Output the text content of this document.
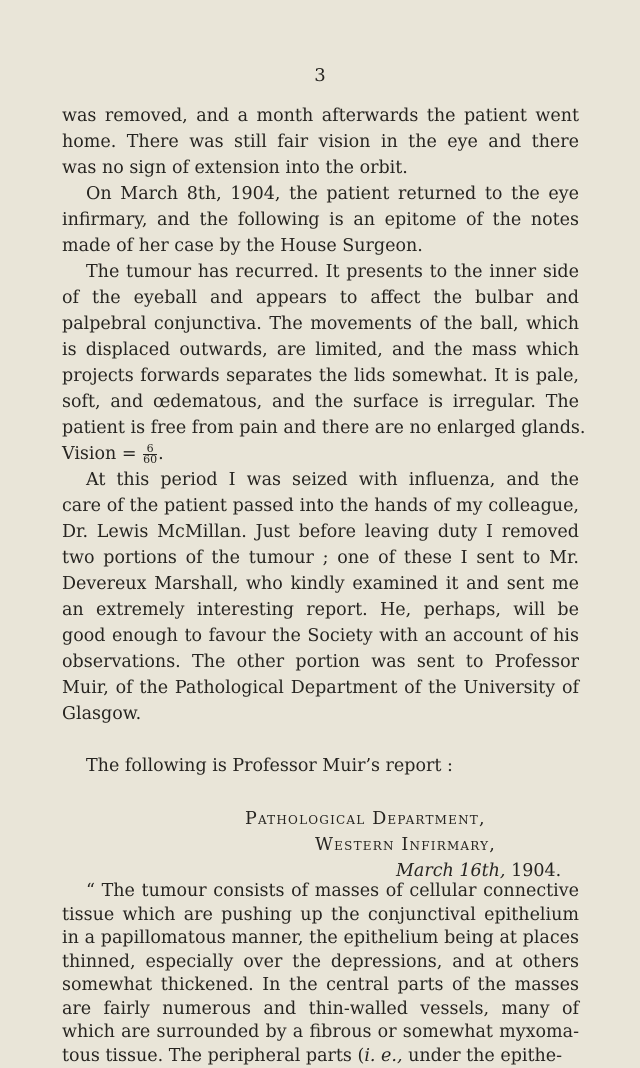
3
was removed, and a month afterwards the patient went
home. There was still fair vision in the eye and there
was no sign of extension into the orbit.
On March 8th, 1904, the patient returned to the eye
infirmary, and the following is an epitome of the notes
made of her case by the House Surgeon.
The tumour has recurred. It presents to the inner side
of the eyeball and appears to affect the bulbar and
palpebral conjunctiva. The movements of the ball, which
is displaced outwards, are limited, and the mass which
projects forwards separates the lids somewhat. It is pale,
soft, and œdematous, and the surface is irregular. The
patient is free from pain and there are no enlarged glands.
Vision = $\frac{6}{60}$ .
At this period I was seized with influenza, and the
care of the patient passed into the hands of my colleague,
Dr. Lewis McMillan. Just before leaving duty I removed
two portions of the tumour ; one of these I sent to Mr.
Devereux Marshall, who kindly examined it and sent me
an extremely interesting report. He, perhaps, will be
good enough to favour the Society with an account of his
observations. The other portion was sent to Professor
Muir, of the Pathological Department of the University of
Glasgow.
The following is Professor Muir’s report :
Pathological Department,
Western Infirmary,
March 16th, 1904.
“ The tumour consists of masses of cellular connective
tissue which are pushing up the conjunctival epithelium
in a papillomatous manner, the epithelium being at places
thinned, especially over the depressions, and at others
somewhat thickened. In the central parts of the masses
are fairly numerous and thin-walled vessels, many of
which are surrounded by a fibrous or somewhat myxoma-
tous tissue. The peripheral parts (i. e., under the epithe-
